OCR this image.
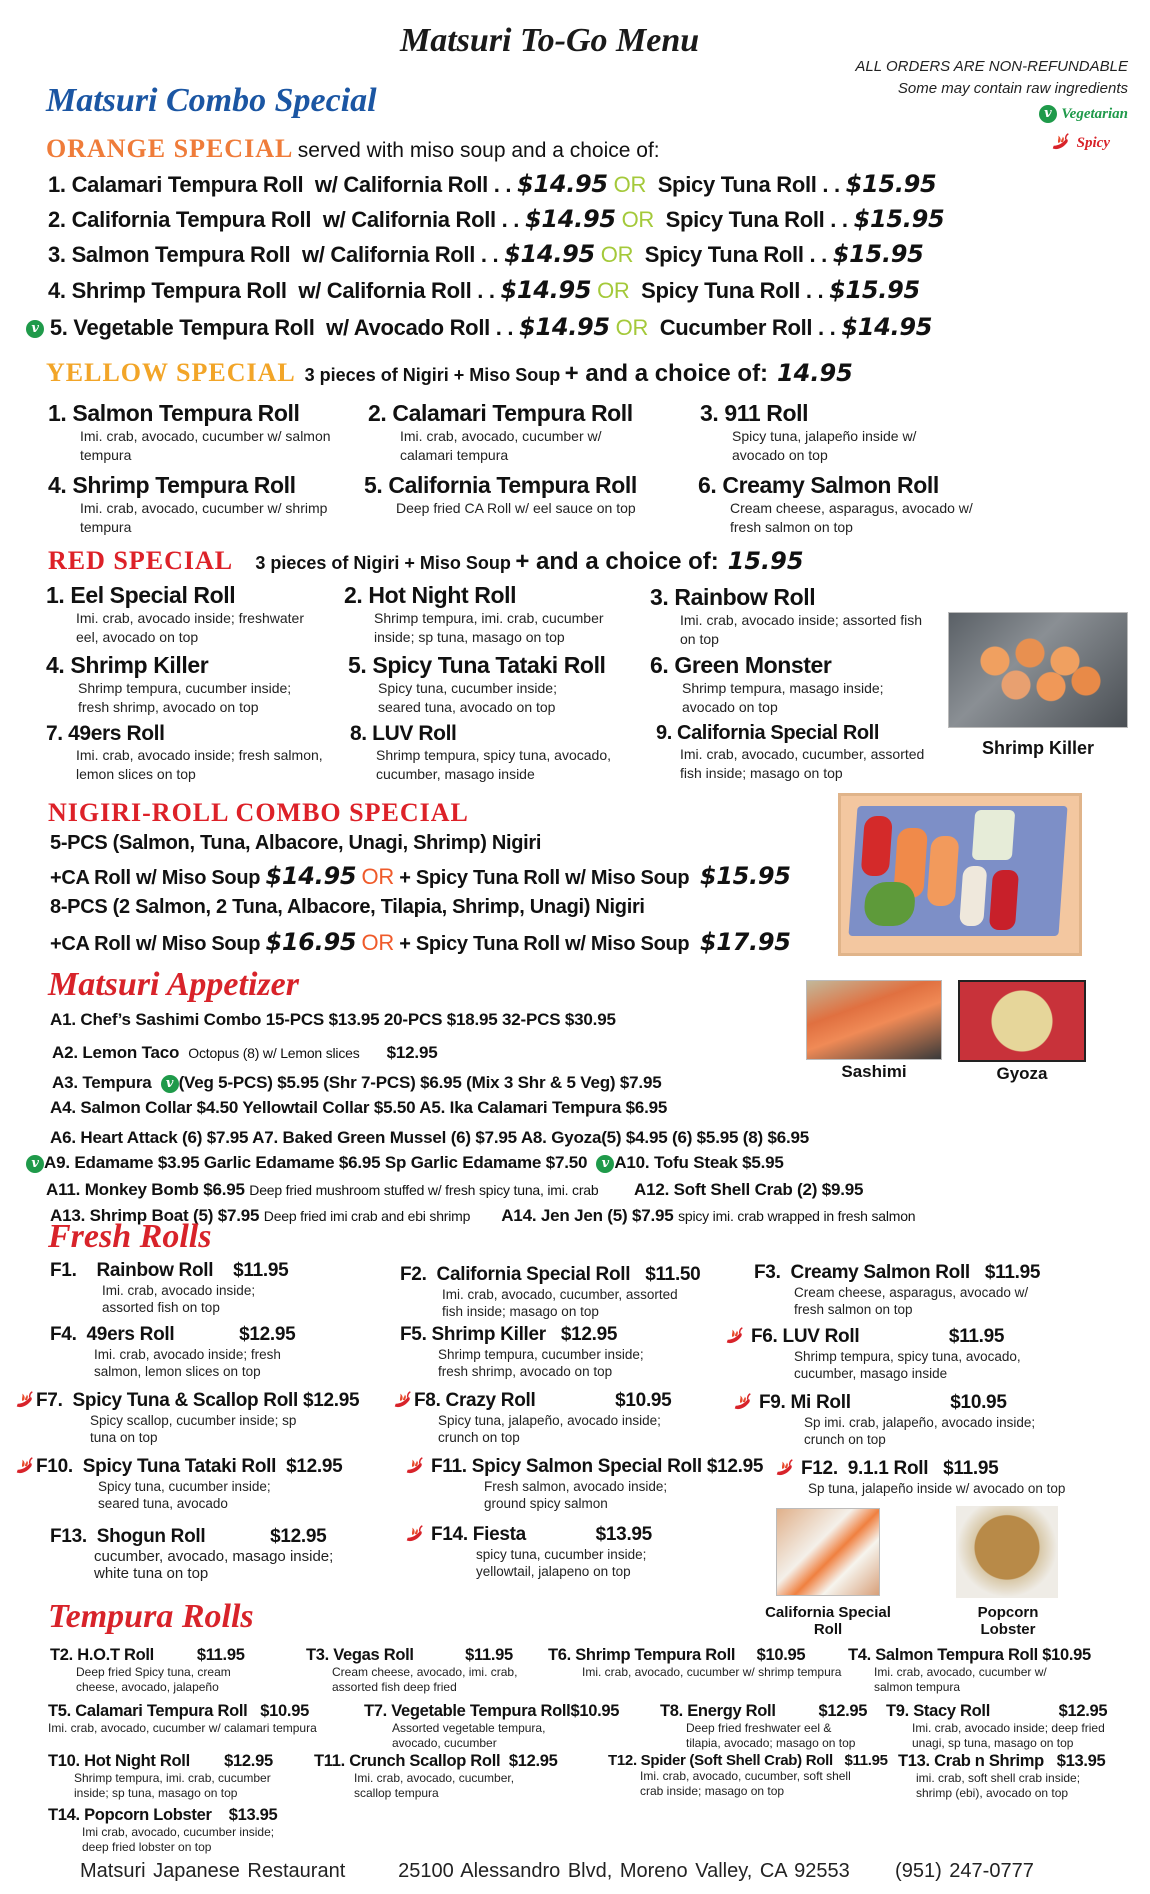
Matsuri To-Go Menu
ALL ORDERS ARE NON-REFUNDABLE
Some may contain raw ingredients
v Vegetarian
Spicy
Matsuri Combo Special
ORANGE SPECIAL served with miso soup and a choice of:
1. Calamari Tempura Roll w/ California Roll . . $14.95 OR Spicy Tuna Roll . . $15.95
2. California Tempura Roll w/ California Roll . . $14.95 OR Spicy Tuna Roll . . $15.95
3. Salmon Tempura Roll w/ California Roll . . $14.95 OR Spicy Tuna Roll . . $15.95
4. Shrimp Tempura Roll w/ California Roll . . $14.95 OR Spicy Tuna Roll . . $15.95
v 5. Vegetable Tempura Roll w/ Avocado Roll . . $14.95 OR Cucumber Roll . . $14.95
YELLOW SPECIAL 3 pieces of Nigiri + Miso Soup + and a choice of: 14.95
1. Salmon Tempura Roll
Imi. crab, avocado, cucumber w/ salmon tempura
2. Calamari Tempura Roll
Imi. crab, avocado, cucumber w/ calamari tempura
3. 911 Roll
Spicy tuna, jalapeño inside w/ avocado on top
4. Shrimp Tempura Roll
Imi. crab, avocado, cucumber w/ shrimp tempura
5. California Tempura Roll
Deep fried CA Roll w/ eel sauce on top
6. Creamy Salmon Roll
Cream cheese, asparagus, avocado w/ fresh salmon on top
RED SPECIAL 3 pieces of Nigiri + Miso Soup + and a choice of: 15.95
1. Eel Special Roll
Imi. crab, avocado inside; freshwater eel, avocado on top
2. Hot Night Roll
Shrimp tempura, imi. crab, cucumber inside; sp tuna, masago on top
3. Rainbow Roll
Imi. crab, avocado inside; assorted fish on top
4. Shrimp Killer
Shrimp tempura, cucumber inside; fresh shrimp, avocado on top
5. Spicy Tuna Tataki Roll
Spicy tuna, cucumber inside; seared tuna, avocado on top
6. Green Monster
Shrimp tempura, masago inside; avocado on top
7. 49ers Roll
Imi. crab, avocado inside; fresh salmon, lemon slices on top
8. LUV Roll
Shrimp tempura, spicy tuna, avocado, cucumber, masago inside
9. California Special Roll
Imi. crab, avocado, cucumber, assorted fish inside; masago on top
Shrimp Killer
NIGIRI-ROLL COMBO SPECIAL
5-PCS (Salmon, Tuna, Albacore, Unagi, Shrimp) Nigiri
+CA Roll w/ Miso Soup $14.95 OR + Spicy Tuna Roll w/ Miso Soup $15.95
8-PCS (2 Salmon, 2 Tuna, Albacore, Tilapia, Shrimp, Unagi) Nigiri
+CA Roll w/ Miso Soup $16.95 OR + Spicy Tuna Roll w/ Miso Soup $17.95
Matsuri Appetizer
A1. Chef’s Sashimi Combo 15-PCS $13.95 20-PCS $18.95 32-PCS $30.95
A2. Lemon Taco Octopus (8) w/ Lemon slices $12.95
A3. Tempura v (Veg 5-PCS) $5.95 (Shr 7-PCS) $6.95 (Mix 3 Shr & 5 Veg) $7.95
A4. Salmon Collar $4.50 Yellowtail Collar $5.50 A5. Ika Calamari Tempura $6.95
A6. Heart Attack (6) $7.95 A7. Baked Green Mussel (6) $7.95 A8. Gyoza(5) $4.95 (6) $5.95 (8) $6.95
v A9. Edamame $3.95 Garlic Edamame $6.95 Sp Garlic Edamame $7.50 v A10. Tofu Steak $5.95
A11. Monkey Bomb $6.95 Deep fried mushroom stuffed w/ fresh spicy tuna, imi. crab A12. Soft Shell Crab (2) $9.95
A13. Shrimp Boat (5) $7.95 Deep fried imi crab and ebi shrimp A14. Jen Jen (5) $7.95 spicy imi. crab wrapped in fresh salmon
Sashimi	Gyoza
Fresh Rolls
F1. Rainbow Roll $11.95
Imi. crab, avocado inside; assorted fish on top
F2. California Special Roll $11.50
Imi. crab, avocado, cucumber, assorted fish inside; masago on top
F3. Creamy Salmon Roll $11.95
Cream cheese, asparagus, avocado w/ fresh salmon on top
F4. 49ers Roll	$12.95
Imi. crab, avocado inside; fresh salmon, lemon slices on top
F5. Shrimp Killer $12.95
Shrimp tempura, cucumber inside; fresh shrimp, avocado on top
F6. LUV Roll	$11.95
Shrimp tempura, spicy tuna, avocado, cucumber, masago inside
F7. Spicy Tuna & Scallop Roll $12.95
Spicy scallop, cucumber inside; sp tuna on top
F8. Crazy Roll	$10.95
Spicy tuna, jalapeño, avocado inside; crunch on top
F9. Mi Roll	$10.95
Sp imi. crab, jalapeño, avocado inside; crunch on top
F10. Spicy Tuna Tataki Roll $12.95
Spicy tuna, cucumber inside; seared tuna, avocado
F11. Spicy Salmon Special Roll $12.95
Fresh salmon, avocado inside; ground spicy salmon
F12. 9.1.1 Roll $11.95
Sp tuna, jalapeño inside w/ avocado on top
F13. Shogun Roll	$12.95
cucumber, avocado, masago inside; white tuna on top
F14. Fiesta	$13.95
spicy tuna, cucumber inside; yellowtail, jalapeno on top
California Special Roll
Popcorn Lobster
Tempura Rolls
T2. H.O.T Roll	$11.95
Deep fried Spicy tuna, cream cheese, avocado, jalapeño
T3. Vegas Roll	$11.95
Cream cheese, avocado, imi. crab, assorted fish deep fried
T6. Shrimp Tempura Roll $10.95
Imi. crab, avocado, cucumber w/ shrimp tempura
T4. Salmon Tempura Roll $10.95
Imi. crab, avocado, cucumber w/ salmon tempura
T5. Calamari Tempura Roll $10.95
Imi. crab, avocado, cucumber w/ calamari tempura
T7. Vegetable Tempura Roll$10.95
Assorted vegetable tempura, avocado, cucumber
T8. Energy Roll	$12.95
Deep fried freshwater eel & tilapia, avocado; masago on top
T9. Stacy Roll	$12.95
Imi. crab, avocado inside; deep fried unagi, sp tuna, masago on top
T10. Hot Night Roll $12.95
Shrimp tempura, imi. crab, cucumber inside; sp tuna, masago on top
T11. Crunch Scallop Roll $12.95
Imi. crab, avocado, cucumber, scallop tempura
T12. Spider (Soft Shell Crab) Roll $11.95
Imi. crab, avocado, cucumber, soft shell crab inside; masago on top
T13. Crab n Shrimp $13.95
imi. crab, soft shell crab inside; shrimp (ebi), avocado on top
T14. Popcorn Lobster $13.95
Imi crab, avocado, cucumber inside; deep fried lobster on top
Matsuri Japanese Restaurant	25100 Alessandro Blvd, Moreno Valley, CA 92553 (951) 247-0777
